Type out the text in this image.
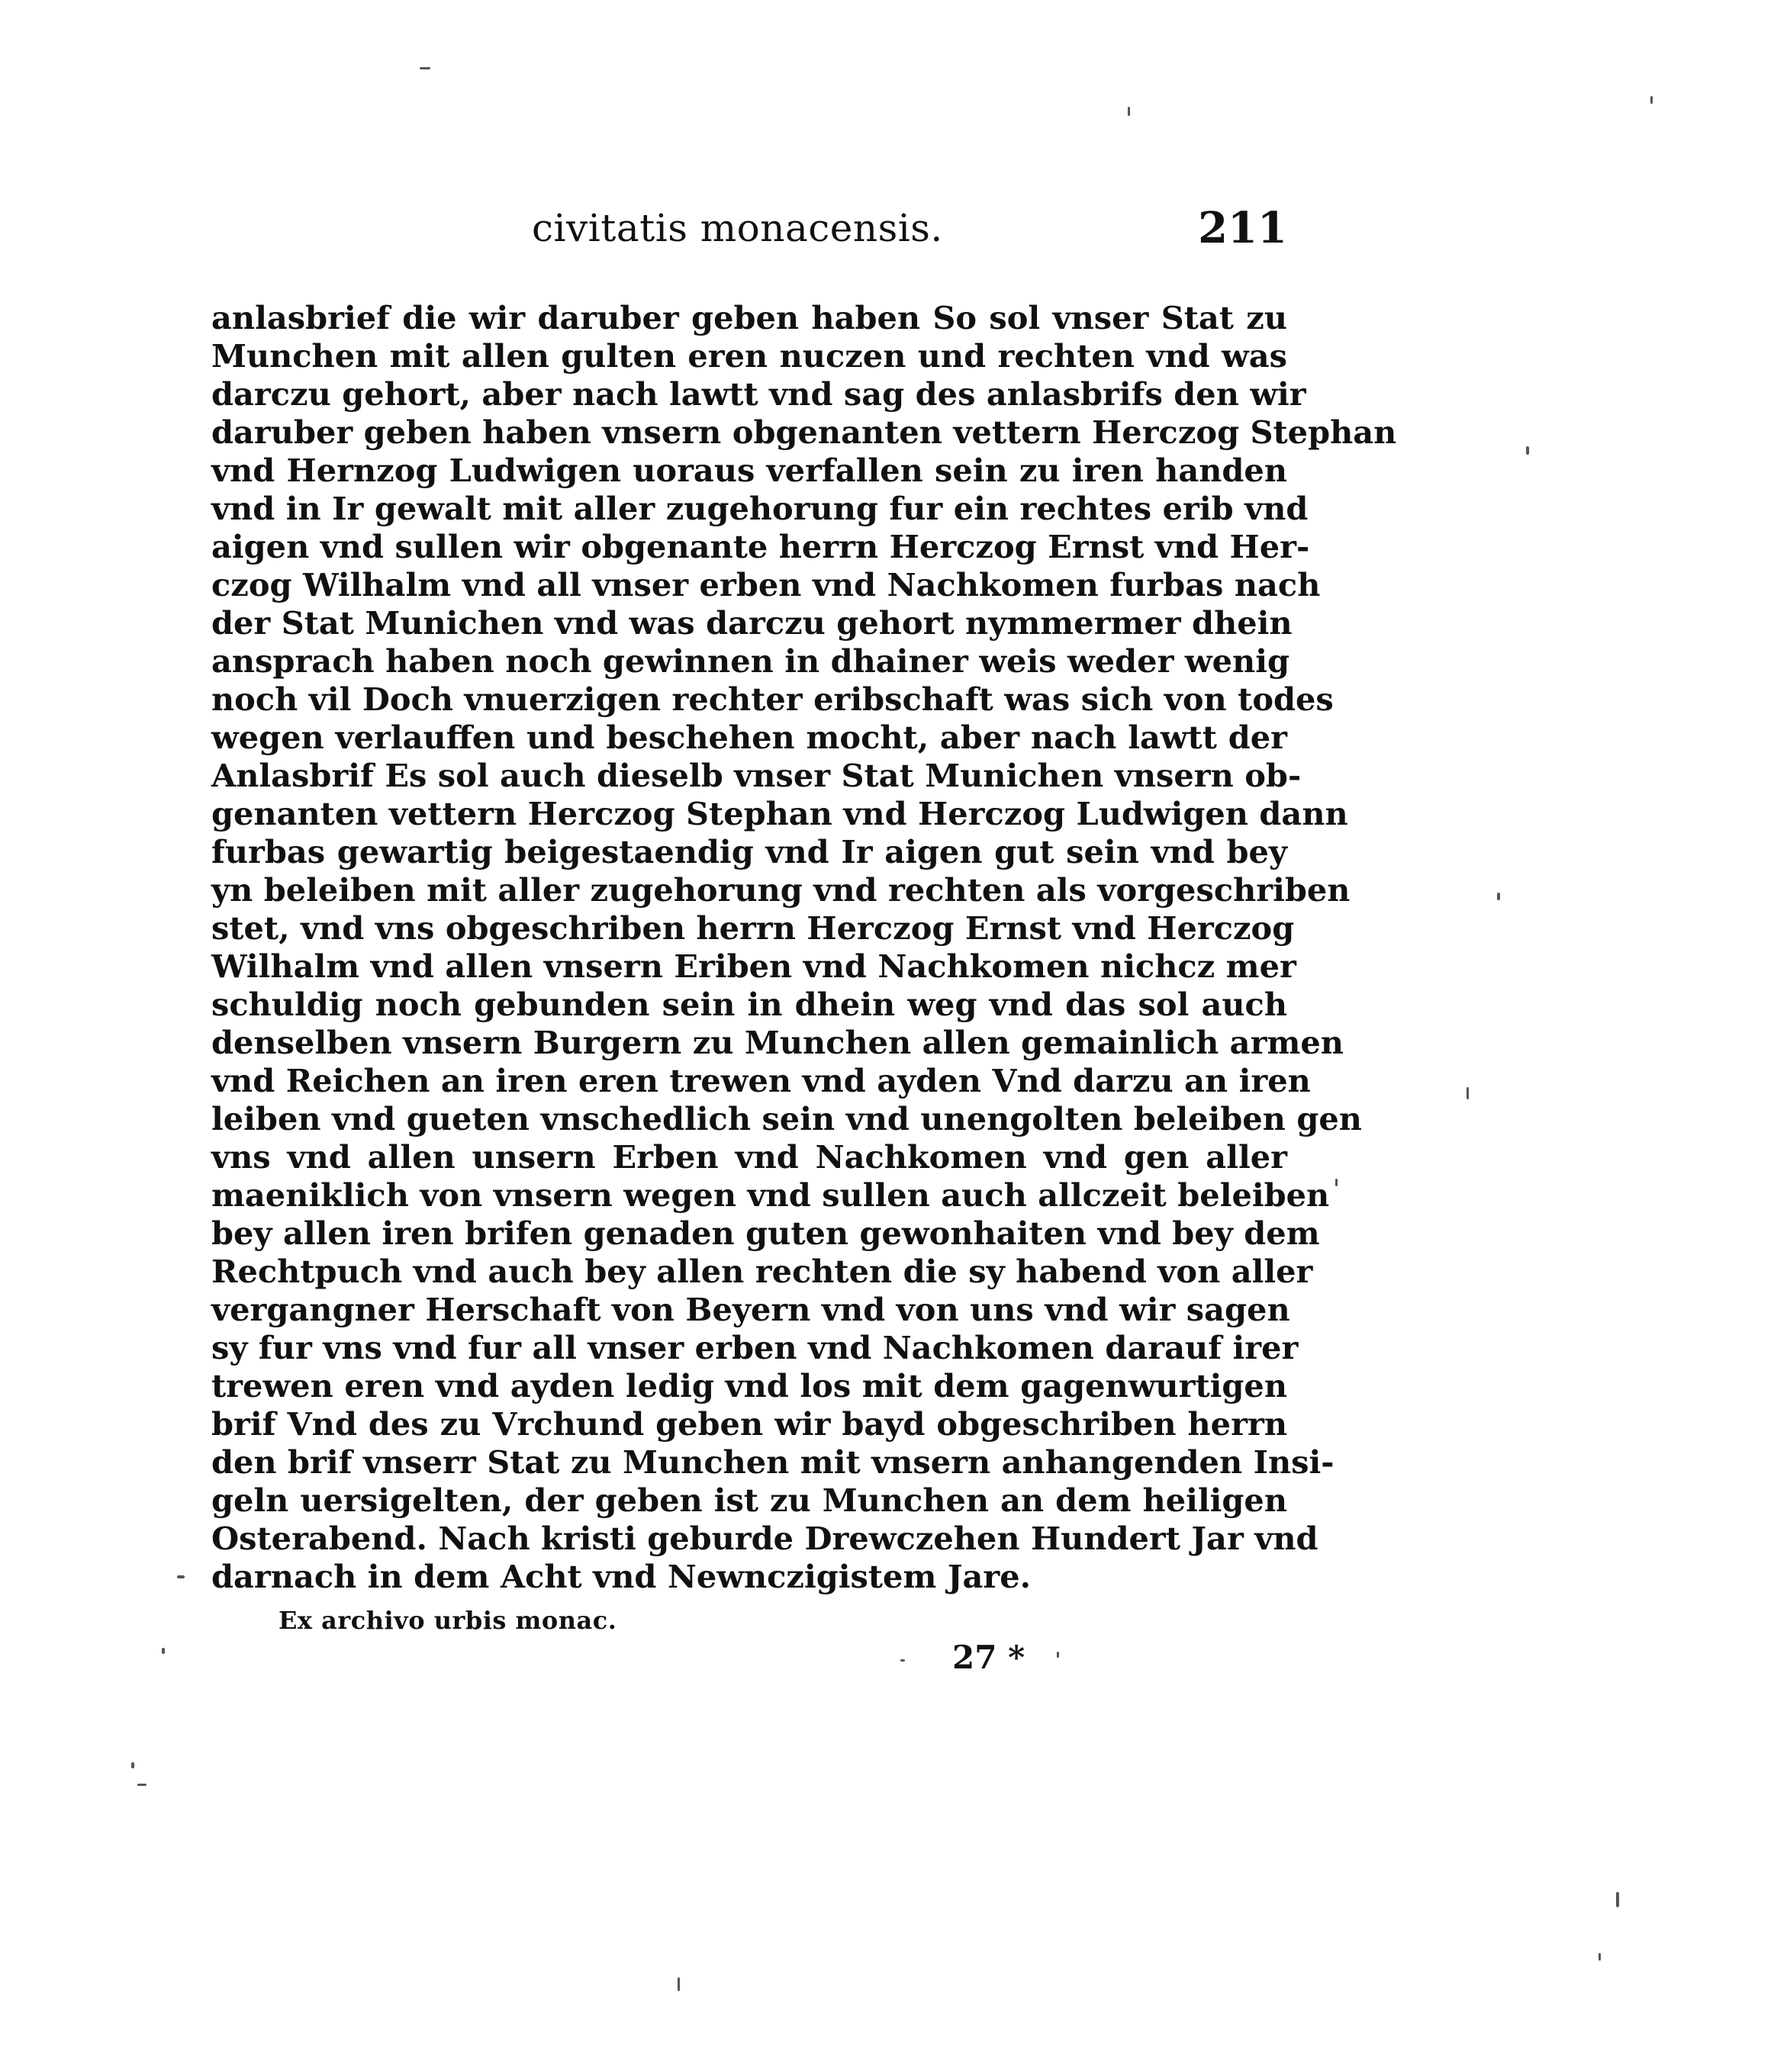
civitatis monacensis.	211
anlasbrief die wir daruber geben haben So sol vnser Stat zu
Munchen mit allen gulten eren nuczen und rechten vnd was
darczu gehort, aber nach lawtt vnd sag des anlasbrifs den wir
daruber geben haben vnsern obgenanten vettern Herczog Stephan
vnd Hernzog Ludwigen uoraus verfallen sein zu iren handen
vnd in Ir gewalt mit aller zugehorung fur ein rechtes erib vnd
aigen vnd sullen wir obgenante herrn Herczog Ernst vnd Her-
czog Wilhalm vnd all vnser erben vnd Nachkomen furbas nach
der Stat Munichen vnd was darczu gehort nymmermer dhein
ansprach haben noch gewinnen in dhainer weis weder wenig
noch vil Doch vnuerzigen rechter eribschaft was sich von todes
wegen verlauffen und beschehen mocht, aber nach lawtt der
Anlasbrif Es sol auch dieselb vnser Stat Munichen vnsern ob-
genanten vettern Herczog Stephan vnd Herczog Ludwigen dann
furbas gewartig beigestaendig vnd Ir aigen gut sein vnd bey
yn beleiben mit aller zugehorung vnd rechten als vorgeschriben
stet, vnd vns obgeschriben herrn Herczog Ernst vnd Herczog
Wilhalm vnd allen vnsern Eriben vnd Nachkomen nichcz mer
schuldig noch gebunden sein in dhein weg vnd das sol auch
denselben vnsern Burgern zu Munchen allen gemainlich armen
vnd Reichen an iren eren trewen vnd ayden Vnd darzu an iren
leiben vnd gueten vnschedlich sein vnd unengolten beleiben gen
vns vnd allen unsern Erben vnd Nachkomen vnd gen aller
maeniklich von vnsern wegen vnd sullen auch allczeit beleiben
bey allen iren brifen genaden guten gewonhaiten vnd bey dem
Rechtpuch vnd auch bey allen rechten die sy habend von aller
vergangner Herschaft von Beyern vnd von uns vnd wir sagen
sy fur vns vnd fur all vnser erben vnd Nachkomen darauf irer
trewen eren vnd ayden ledig vnd los mit dem gagenwurtigen
brif Vnd des zu Vrchund geben wir bayd obgeschriben herrn
den brif vnserr Stat zu Munchen mit vnsern anhangenden Insi-
geln uersigelten, der geben ist zu Munchen an dem heiligen
Osterabend. Nach kristi geburde Drewczehen Hundert Jar vnd
darnach in dem Acht vnd Newnczigistem Jare.
Ex archivo urbis monac.
27 *
